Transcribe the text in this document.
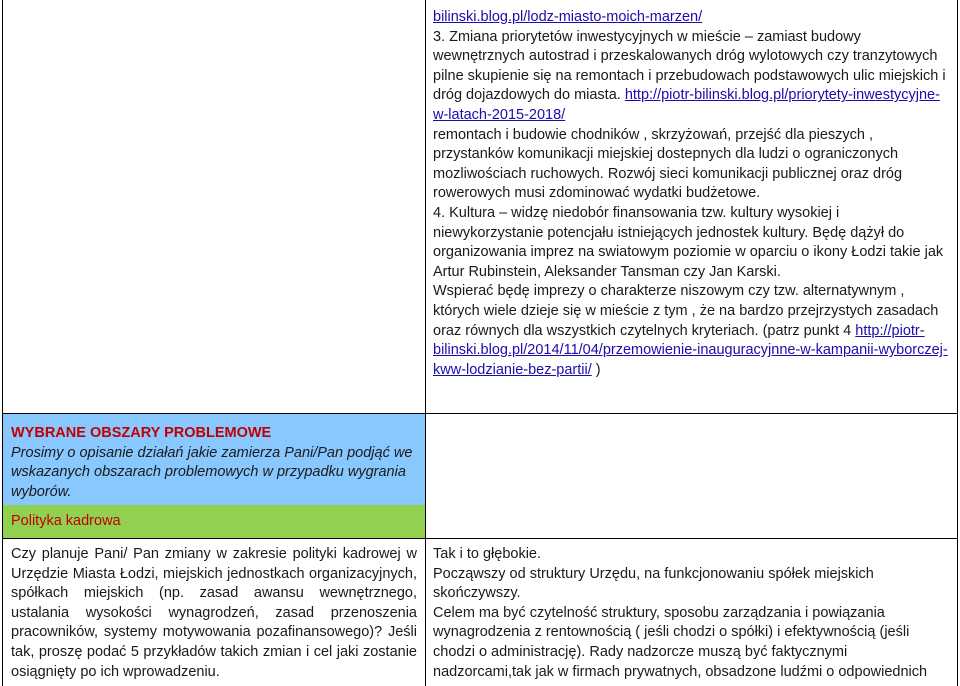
bilinski.blog.pl/lodz-miasto-moich-marzen/
3. Zmiana priorytetów inwestycyjnych w mieście – zamiast budowy
wewnętrznych autostrad i przeskalowanych dróg wylotowych czy tranzytowych
pilne skupienie się na remontach i przebudowach podstawowych ulic miejskich i
dróg dojazdowych do miasta. http://piotr-bilinski.blog.pl/priorytety-inwestycyjne-
w-latach-2015-2018/
remontach i budowie chodników , skrzyżowań, przejść dla pieszych ,
przystanków komunikacji miejskiej dostepnych dla ludzi o ograniczonych
mozliwościach ruchowych. Rozwój sieci komunikacji publicznej oraz dróg
rowerowych musi zdominować wydatki budżetowe.
4. Kultura – widzę niedobór finansowania tzw. kultury wysokiej i
niewykorzystanie potencjału istniejących jednostek kultury. Będę dążył do
organizowania imprez na swiatowym poziomie w oparciu o ikony Łodzi takie jak
Artur Rubinstein, Aleksander Tansman czy Jan Karski.
Wspierać będę imprezy o charakterze niszowym czy tzw. alternatywnym ,
których wiele dzieje się w mieście z tym , że na bardzo przejrzystych zasadach
oraz równych dla wszystkich czytelnych kryteriach. (patrz punkt 4 http://piotr-
bilinski.blog.pl/2014/11/04/przemowienie-inauguracyjnne-w-kampanii-wyborczej-
kww-lodzianie-bez-partii/ )
WYBRANE OBSZARY PROBLEMOWE
Prosimy o opisanie działań jakie zamierza Pani/Pan podjąć we wskazanych obszarach problemowych w przypadku wygrania wyborów.
Polityka kadrowa

Czy planuje Pani/ Pan zmiany w zakresie polityki kadrowej w Urzędzie Miasta Łodzi, miejskich jednostkach organizacyjnych, spółkach miejskich (np. zasad awansu wewnętrznego, ustalania wysokości wynagrodzeń, zasad przenoszenia pracowników, systemy motywowania pozafinansowego)? Jeśli tak, proszę podać 5 przykładów takich zmian i cel jaki zostanie osiągnięty po ich wprowadzeniu.

Tak i to głębokie.
Począwszy od struktury Urzędu, na funkcjonowaniu spółek miejskich
skończywszy.
Celem ma być czytelność struktury, sposobu zarządzania i powiązania
wynagrodzenia z rentownością ( jeśli chodzi o spółki) i efektywnością (jeśli
chodzi o administrację). Rady nadzorcze muszą być faktycznymi
nadzorcami,tak jak w firmach prywatnych, obsadzone ludźmi o odpowiednich
